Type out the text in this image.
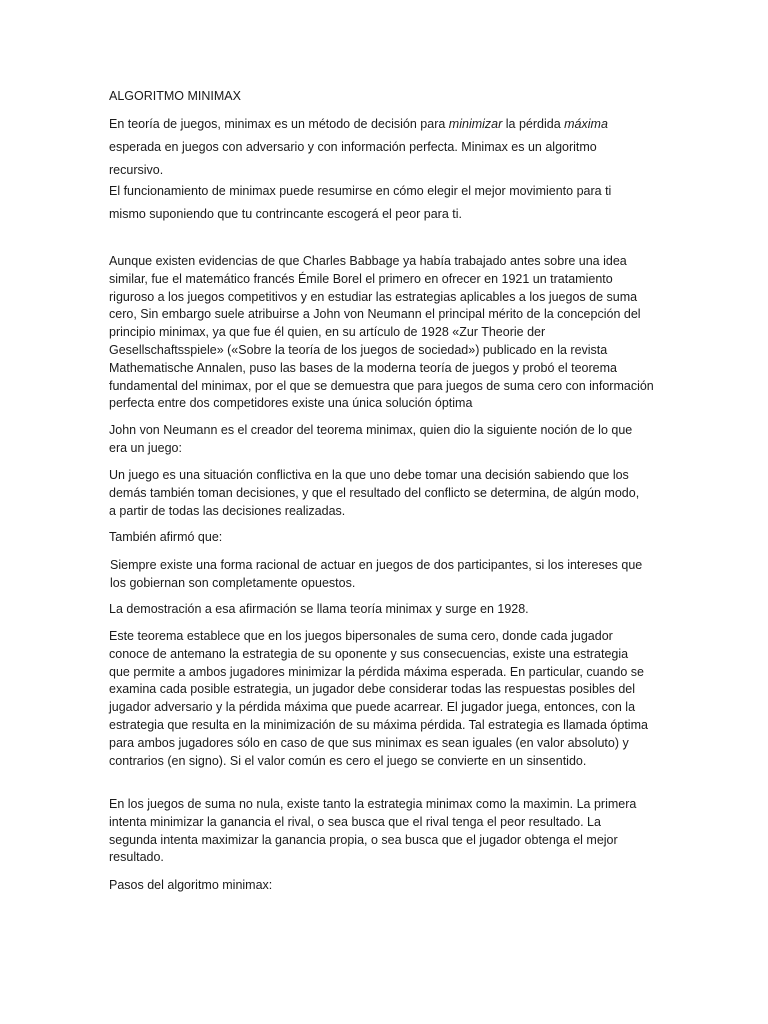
ALGORITMO MINIMAX

En teoría de juegos, minimax es un método de decisión para minimizar la pérdida máxima esperada en juegos con adversario y con información perfecta. Minimax es un algoritmo recursivo.

El funcionamiento de minimax puede resumirse en cómo elegir el mejor movimiento para ti mismo suponiendo que tu contrincante escogerá el peor para ti.

Aunque existen evidencias de que Charles Babbage ya había trabajado antes sobre una idea similar, fue el matemático francés Émile Borel el primero en ofrecer en 1921 un tratamiento riguroso a los juegos competitivos y en estudiar las estrategias aplicables a los juegos de suma cero, Sin embargo suele atribuirse a John von Neumann el principal mérito de la concepción del principio minimax, ya que fue él quien, en su artículo de 1928 «Zur Theorie der Gesellschaftsspiele» («Sobre la teoría de los juegos de sociedad») publicado en la revista Mathematische Annalen, puso las bases de la moderna teoría de juegos y probó el teorema fundamental del minimax, por el que se demuestra que para juegos de suma cero con información perfecta entre dos competidores existe una única solución óptima

John von Neumann es el creador del teorema minimax, quien dio la siguiente noción de lo que era un juego:

Un juego es una situación conflictiva en la que uno debe tomar una decisión sabiendo que los demás también toman decisiones, y que el resultado del conflicto se determina, de algún modo, a partir de todas las decisiones realizadas.

También afirmó que:

Siempre existe una forma racional de actuar en juegos de dos participantes, si los intereses que los gobiernan son completamente opuestos.

La demostración a esa afirmación se llama teoría minimax y surge en 1928.

Este teorema establece que en los juegos bipersonales de suma cero, donde cada jugador conoce de antemano la estrategia de su oponente y sus consecuencias, existe una estrategia que permite a ambos jugadores minimizar la pérdida máxima esperada. En particular, cuando se examina cada posible estrategia, un jugador debe considerar todas las respuestas posibles del jugador adversario y la pérdida máxima que puede acarrear. El jugador juega, entonces, con la estrategia que resulta en la minimización de su máxima pérdida. Tal estrategia es llamada óptima para ambos jugadores sólo en caso de que sus minimax es sean iguales (en valor absoluto) y contrarios (en signo). Si el valor común es cero el juego se convierte en un sinsentido.

En los juegos de suma no nula, existe tanto la estrategia minimax como la maximin. La primera intenta minimizar la ganancia el rival, o sea busca que el rival tenga el peor resultado. La segunda intenta maximizar la ganancia propia, o sea busca que el jugador obtenga el mejor resultado.

Pasos del algoritmo minimax:
